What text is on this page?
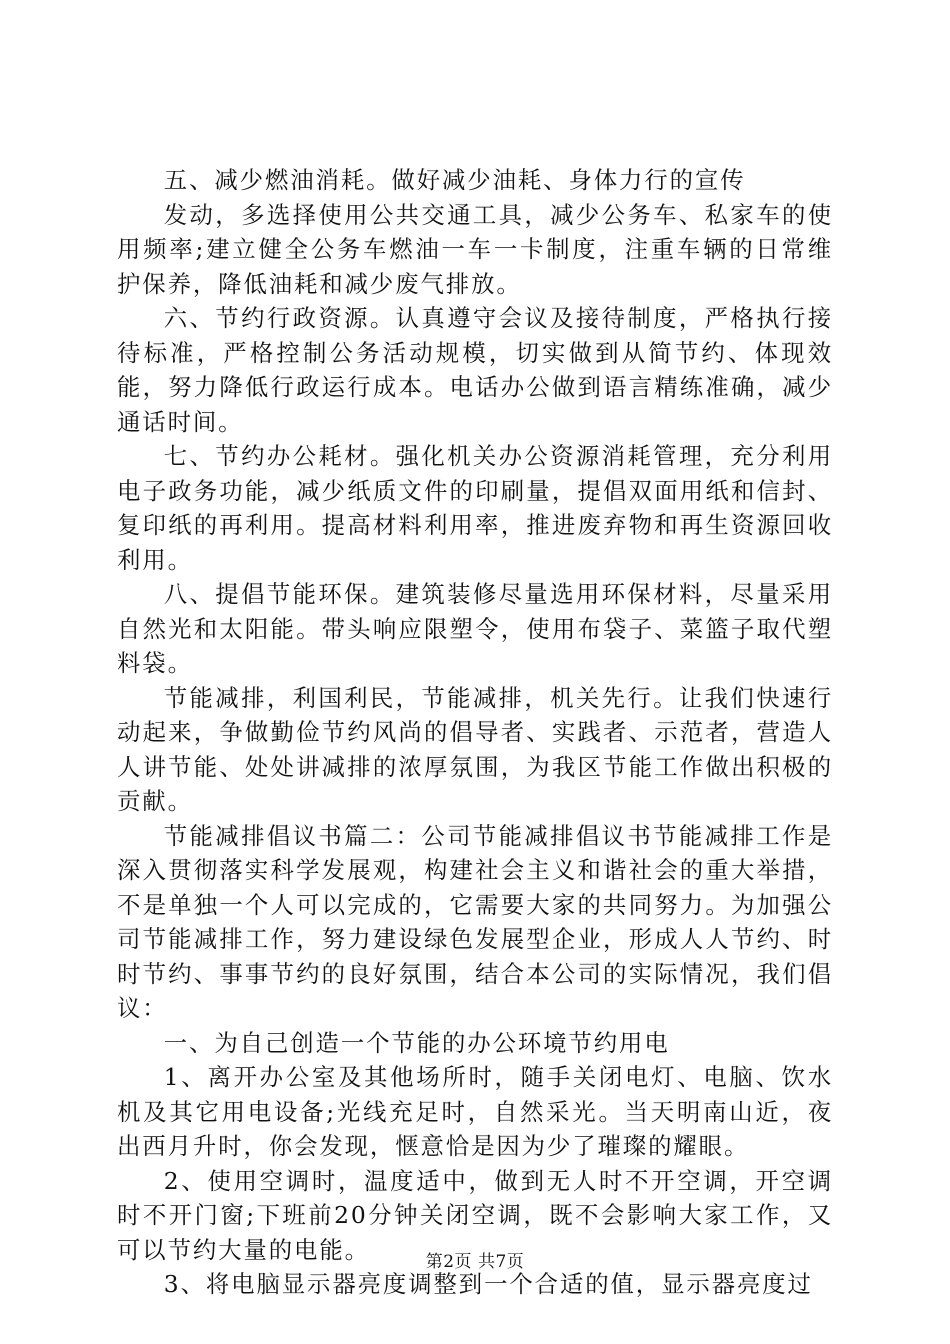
五、减少燃油消耗。做好减少油耗、身体力行的宣传

发动，多选择使用公共交通工具，减少公务车、私家车的使用频率;建立健全公务车燃油一车一卡制度，注重车辆的日常维护保养，降低油耗和减少废气排放。

六、节约行政资源。认真遵守会议及接待制度，严格执行接待标准，严格控制公务活动规模，切实做到从简节约、体现效能，努力降低行政运行成本。电话办公做到语言精练准确，减少通话时间。

七、节约办公耗材。强化机关办公资源消耗管理，充分利用电子政务功能，减少纸质文件的印刷量，提倡双面用纸和信封、复印纸的再利用。提高材料利用率，推进废弃物和再生资源回收利用。

八、提倡节能环保。建筑装修尽量选用环保材料，尽量采用自然光和太阳能。带头响应限塑令，使用布袋子、菜篮子取代塑料袋。

节能减排，利国利民，节能减排，机关先行。让我们快速行动起来，争做勤俭节约风尚的倡导者、实践者、示范者，营造人人讲节能、处处讲减排的浓厚氛围，为我区节能工作做出积极的贡献。

节能减排倡议书篇二：公司节能减排倡议书节能减排工作是深入贯彻落实科学发展观，构建社会主义和谐社会的重大举措，不是单独一个人可以完成的，它需要大家的共同努力。为加强公司节能减排工作，努力建设绿色发展型企业，形成人人节约、时时节约、事事节约的良好氛围，结合本公司的实际情况，我们倡议：

一、为自己创造一个节能的办公环境节约用电

1、离开办公室及其他场所时，随手关闭电灯、电脑、饮水机及其它用电设备;光线充足时，自然采光。当天明南山近，夜出西月升时，你会发现，惬意恰是因为少了璀璨的耀眼。

2、使用空调时，温度适中，做到无人时不开空调，开空调时不开门窗;下班前20分钟关闭空调，既不会影响大家工作，又可以节约大量的电能。

3、将电脑显示器亮度调整到一个合适的值，显示器亮度过

第2页 共7页
